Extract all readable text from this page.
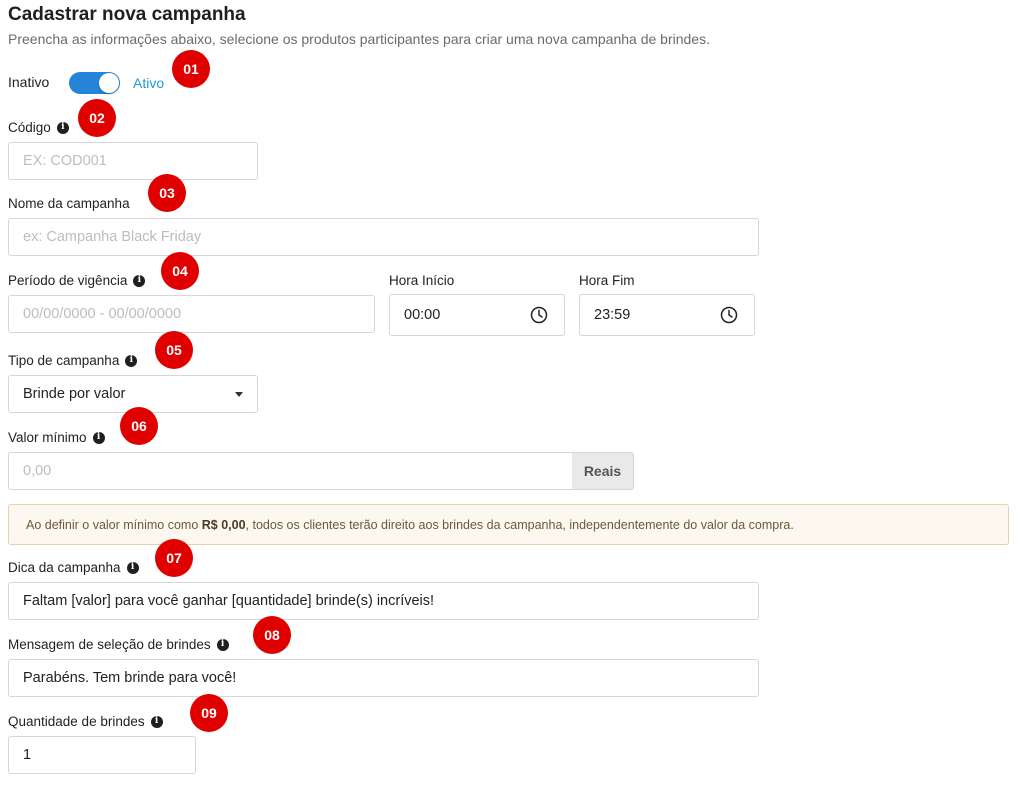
Cadastrar nova campanha
Preencha as informações abaixo, selecione os produtos participantes para criar uma nova campanha de brindes.
Inativo	Ativo
01
Código	i
02
EX: COD001
Nome da campanha
03
ex: Campanha Black Friday
Período de vigência	i
04
00/00/0000 - 00/00/0000
Hora Início
00:00
Hora Fim
23:59
Tipo de campanha	i
05
Brinde por valor
Valor mínimo	i
06
0,00	Reais
Ao definir o valor mínimo como R$ 0,00, todos os clientes terão direito aos brindes da campanha, independentemente do valor da compra.
Dica da campanha	i
07
Faltam [valor] para você ganhar [quantidade] brinde(s) incríveis!
Mensagem de seleção de brindes	i
08
Parabéns. Tem brinde para você!
Quantidade de brindes	i	09
1
